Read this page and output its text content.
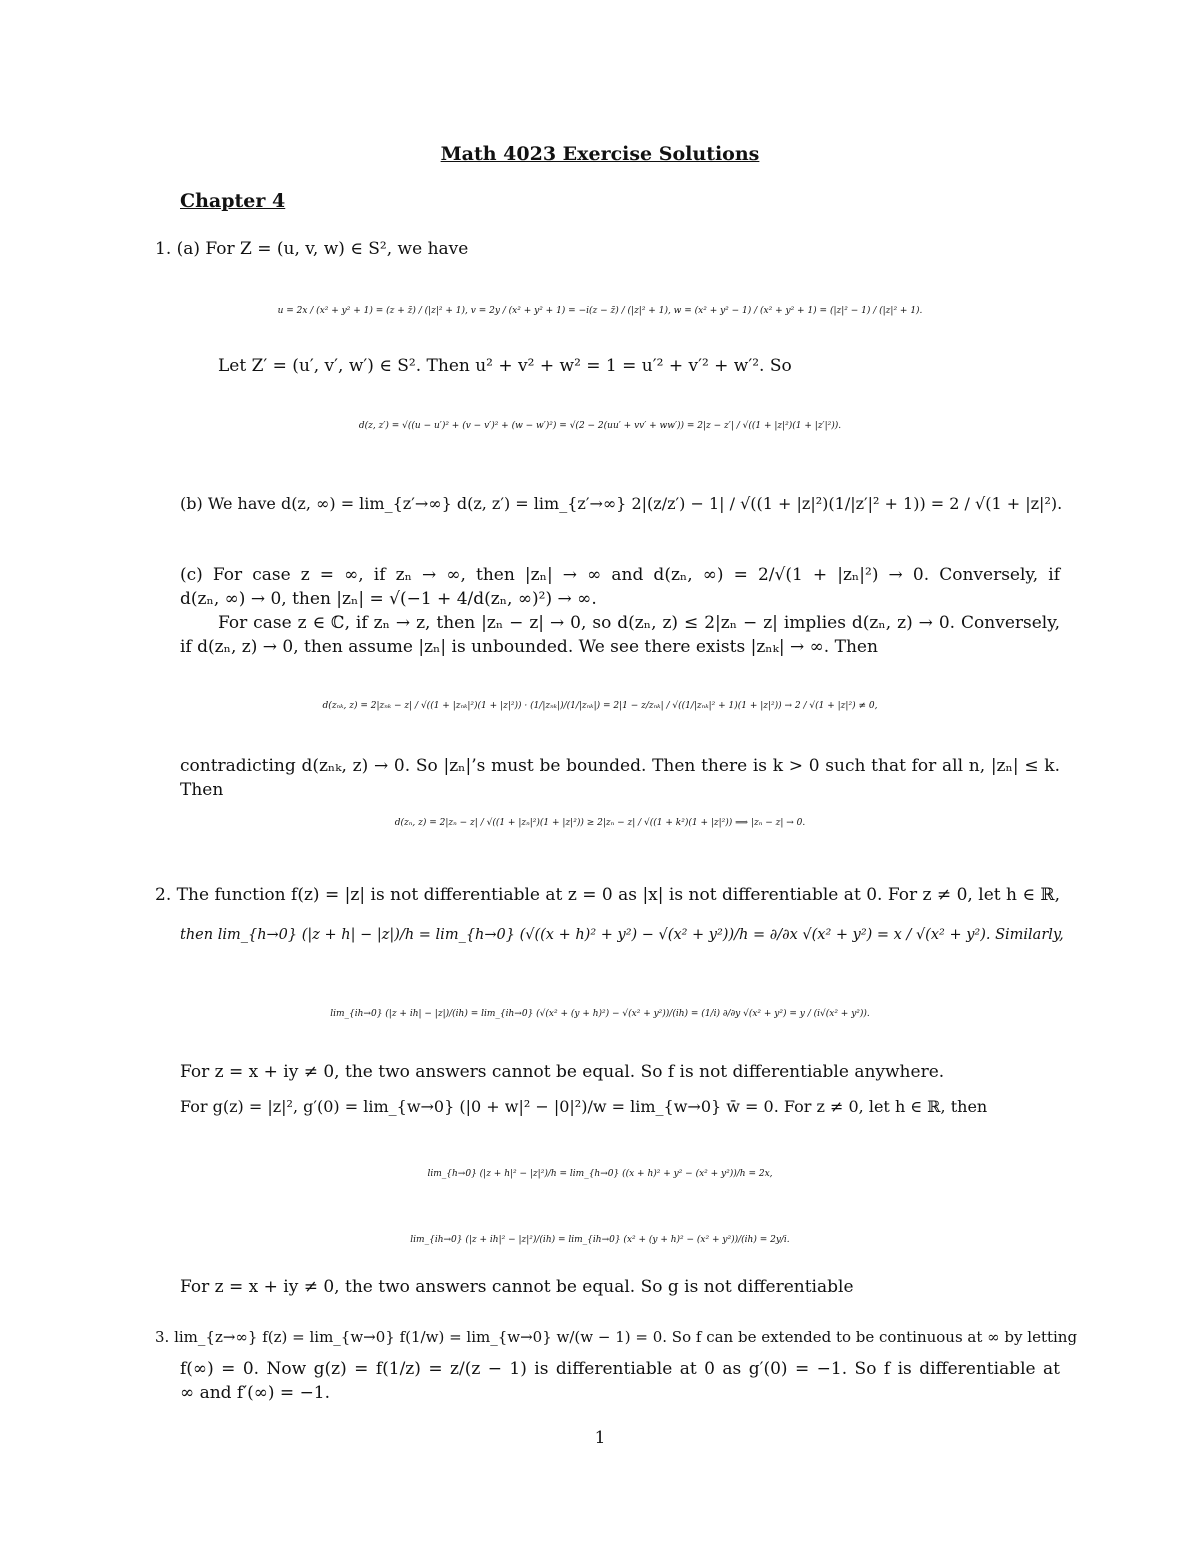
Math 4023 Exercise Solutions
Chapter 4
1. (a) For Z = (u, v, w) ∈ S², we have
u = 2x / (x² + y² + 1) = (z + z̄) / (|z|² + 1), v = 2y / (x² + y² + 1) = −i(z − z̄) / (|z|² + 1), w = (x² + y² − 1) / (x² + y² + 1) = (|z|² − 1) / (|z|² + 1).
Let Z′ = (u′, v′, w′) ∈ S². Then u² + v² + w² = 1 = u′² + v′² + w′². So
d(z, z′) = √((u − u′)² + (v − v′)² + (w − w′)²) = √(2 − 2(uu′ + vv′ + ww′)) = 2|z − z′| / √((1 + |z|²)(1 + |z′|²)).
(b) We have d(z, ∞) = lim_{z′→∞} d(z, z′) = lim_{z′→∞} 2|(z/z′) − 1| / √((1 + |z|²)(1/|z′|² + 1)) = 2 / √(1 + |z|²).
(c) For case z = ∞, if zₙ → ∞, then |zₙ| → ∞ and d(zₙ, ∞) = 2/√(1 + |zₙ|²) → 0. Conversely, if
d(zₙ, ∞) → 0, then |zₙ| = √(−1 + 4/d(zₙ, ∞)²) → ∞.
For case z ∈ ℂ, if zₙ → z, then |zₙ − z| → 0, so d(zₙ, z) ≤ 2|zₙ − z| implies d(zₙ, z) → 0. Conversely,
if d(zₙ, z) → 0, then assume |zₙ| is unbounded. We see there exists |zₙₖ| → ∞. Then
d(zₙₖ, z) = 2|zₙₖ − z| / √((1 + |zₙₖ|²)(1 + |z|²)) · (1/|zₙₖ|)/(1/|zₙₖ|) = 2|1 − z/zₙₖ| / √((1/|zₙₖ|² + 1)(1 + |z|²)) → 2 / √(1 + |z|²) ≠ 0,
contradicting d(zₙₖ, z) → 0. So |zₙ|’s must be bounded. Then there is k > 0 such that for all n, |zₙ| ≤ k.
Then
d(zₙ, z) = 2|zₙ − z| / √((1 + |zₙ|²)(1 + |z|²)) ≥ 2|zₙ − z| / √((1 + k²)(1 + |z|²)) ⟹ |zₙ − z| → 0.
2. The function f(z) = |z| is not differentiable at z = 0 as |x| is not differentiable at 0. For z ≠ 0, let h ∈ ℝ,
then lim_{h→0} (|z + h| − |z|)/h = lim_{h→0} (√((x + h)² + y²) − √(x² + y²))/h = ∂/∂x √(x² + y²) = x / √(x² + y²). Similarly,
lim_{ih→0} (|z + ih| − |z|)/(ih) = lim_{ih→0} (√(x² + (y + h)²) − √(x² + y²))/(ih) = (1/i) ∂/∂y √(x² + y²) = y / (i√(x² + y²)).
For z = x + iy ≠ 0, the two answers cannot be equal. So f is not differentiable anywhere.
For g(z) = |z|², g′(0) = lim_{w→0} (|0 + w|² − |0|²)/w = lim_{w→0} w̄ = 0. For z ≠ 0, let h ∈ ℝ, then
lim_{h→0} (|z + h|² − |z|²)/h = lim_{h→0} ((x + h)² + y² − (x² + y²))/h = 2x,
lim_{ih→0} (|z + ih|² − |z|²)/(ih) = lim_{ih→0} (x² + (y + h)² − (x² + y²))/(ih) = 2y/i.
For z = x + iy ≠ 0, the two answers cannot be equal. So g is not differentiable
3. lim_{z→∞} f(z) = lim_{w→0} f(1/w) = lim_{w→0} w/(w − 1) = 0. So f can be extended to be continuous at ∞ by letting
f(∞) = 0. Now g(z) = f(1/z) = z/(z − 1) is differentiable at 0 as g′(0) = −1. So f is differentiable at
∞ and f′(∞) = −1.
1
